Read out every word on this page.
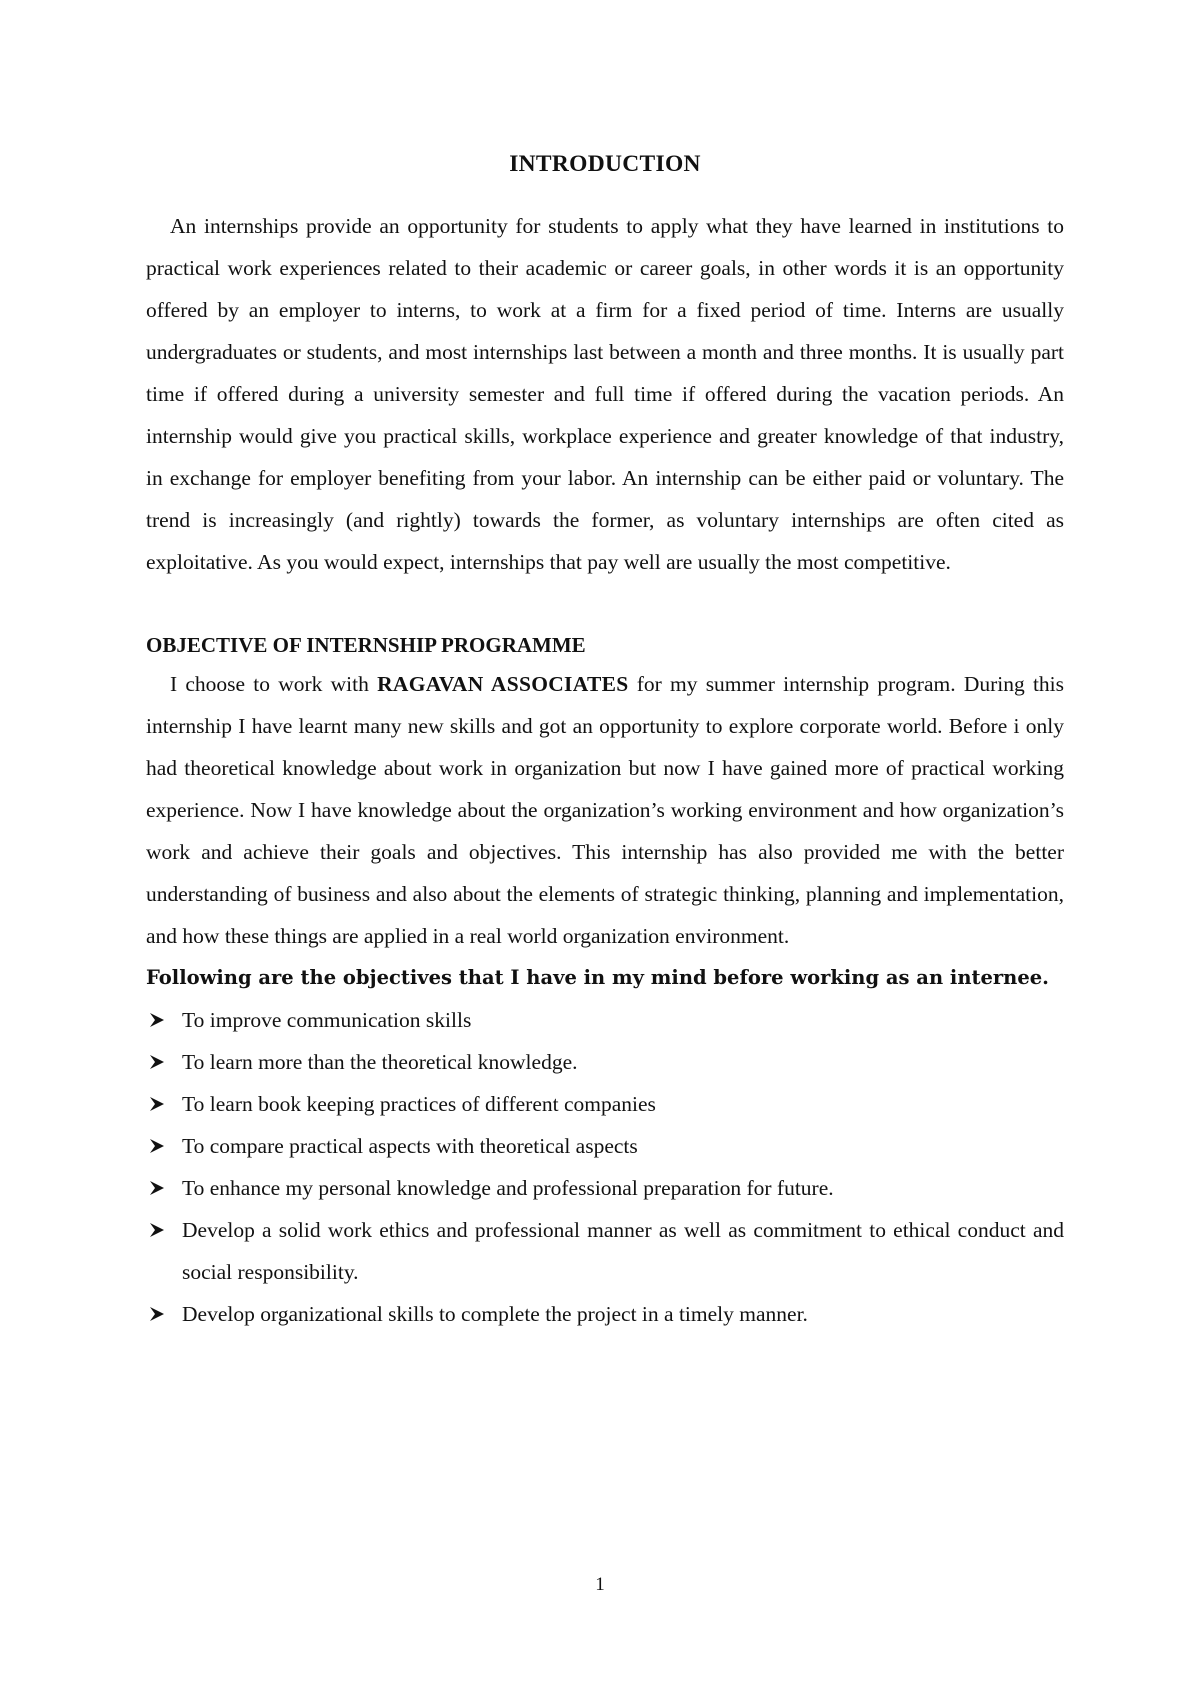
INTRODUCTION

An internships provide an opportunity for students to apply what they have learned in institutions to practical work experiences related to their academic or career goals, in other words it is an opportunity offered by an employer to interns, to work at a firm for a fixed period of time. Interns are usually undergraduates or students, and most internships last between a month and three months. It is usually part time if offered during a university semester and full time if offered during the vacation periods. An internship would give you practical skills, workplace experience and greater knowledge of that industry, in exchange for employer benefiting from your labor. An internship can be either paid or voluntary. The trend is increasingly (and rightly) towards the former, as voluntary internships are often cited as exploitative. As you would expect, internships that pay well are usually the most competitive.

OBJECTIVE OF INTERNSHIP PROGRAMME

I choose to work with RAGAVAN ASSOCIATES for my summer internship program. During this internship I have learnt many new skills and got an opportunity to explore corporate world. Before i only had theoretical knowledge about work in organization but now I have gained more of practical working experience. Now I have knowledge about the organization’s working environment and how organization’s work and achieve their goals and objectives. This internship has also provided me with the better understanding of business and also about the elements of strategic thinking, planning and implementation, and how these things are applied in a real world organization environment.

Following are the objectives that I have in my mind before working as an internee.

To improve communication skills
To learn more than the theoretical knowledge.
To learn book keeping practices of different companies
To compare practical aspects with theoretical aspects
To enhance my personal knowledge and professional preparation for future.
Develop a solid work ethics and professional manner as well as commitment to ethical conduct and social responsibility.
Develop organizational skills to complete the project in a timely manner.
1
